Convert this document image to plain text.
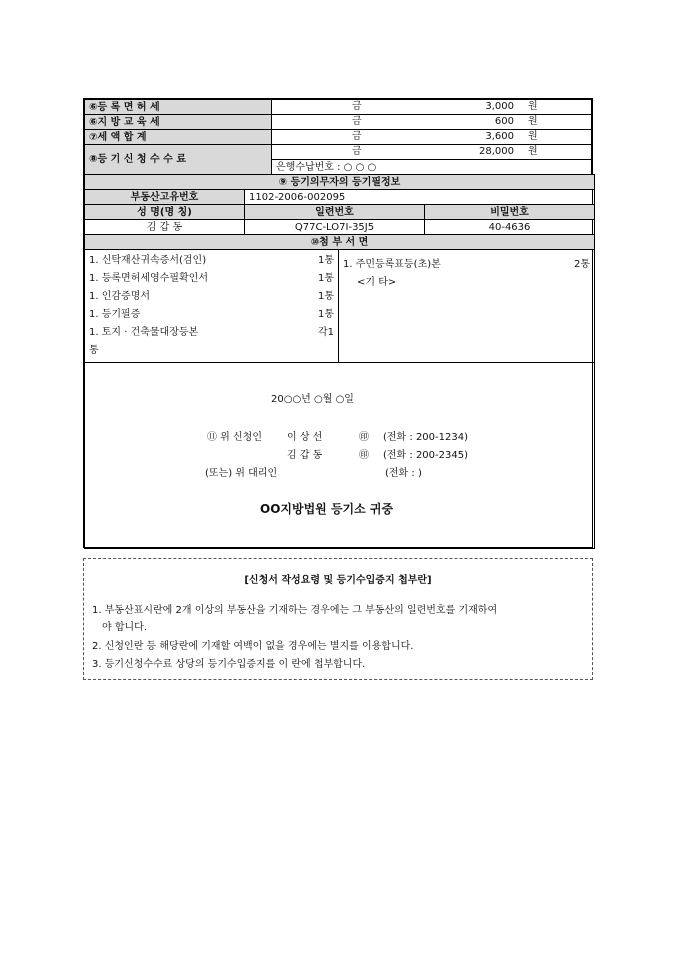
⑥등 록 면 허 세	금 3,000 원

⑥지 방 교 육 세	금 600 원

⑦세 액 합 계	금 3,600 원

⑧등 기 신 청 수 수 료	금 28,000 원

	은행수납번호 : ○ ○ ○
⑨ 등기의무자의 등기필정보		
부동산고유번호	1102-2006-002095	
성 명(명 칭)	일련번호	비밀번호
김 갑 동	Q77C-LO7I-35J5	40-4636
⑩첨 부 서 면

1. 신탁재산귀속증서(검인)	1통
1. 등록면허세영수필확인서	1통
1. 인감증명서	1통
1. 등기필증	1통
1. 토지 · 건축물대장등본	각1
통

1. 주민등록표등(초)본	2통
<기 타>

20○○년 ○월 ○일
⑪ 위 신청인	이 상 선	㊞ (전화 : 200-1234)
김 갑 동	㊞ (전화 : 200-2345)
(또는) 위 대리인	(전화 : )
OO지방법원 등기소 귀중
[신청서 작성요령 및 등기수입증지 첩부란]
1. 부동산표시란에 2개 이상의 부동산을 기재하는 경우에는 그 부동산의 일련번호를 기재하여
야 합니다.
2. 신청인란 등 해당란에 기재할 여백이 없을 경우에는 별지를 이용합니다.
3. 등기신청수수료 상당의 등기수입증지를 이 란에 첩부합니다.
